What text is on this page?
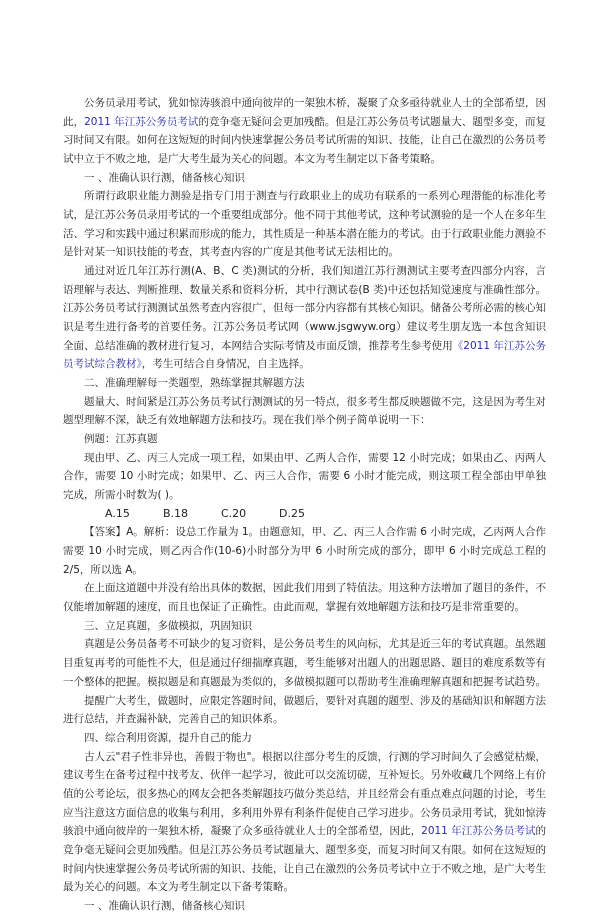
公务员录用考试，犹如惊涛骇浪中通向彼岸的一架独木桥，凝聚了众多亟待就业人士的全部希望，因此，2011 年江苏公务员考试的竞争毫无疑问会更加残酷。但是江苏公务员考试题量大、题型多变，而复习时间又有限。如何在这短短的时间内快速掌握公务员考试所需的知识、技能，让自己在激烈的公务员考试中立于不败之地，是广大考生最为关心的问题。本文为考生制定以下备考策略。

一 、准确认识行测，储备核心知识

所谓行政职业能力测验是指专门用于测查与行政职业上的成功有联系的一系列心理潜能的标准化考试，是江苏公务员录用考试的一个重要组成部分。他不同于其他考试，这种考试测验的是一个人在多年生活、学习和实践中通过积累而形成的能力，其性质是一种基本潜在能力的考试。由于行政职业能力测验不是针对某一知识技能的考查，其考查内容的广度是其他考试无法相比的。

通过对近几年江苏行测(A、B、C 类)测试的分析，我们知道江苏行测测试主要考查四部分内容，言语理解与表达、判断推理、数量关系和资料分析，其中行测试卷(B 类)中还包括知觉速度与准确性部分。江苏公务员考试行测测试虽然考查内容很广，但每一部分内容都有其核心知识。储备公考所必需的核心知识是考生进行备考的首要任务。江苏公务员考试网（www.jsgwyw.org）建议考生朋友选一本包含知识全面、总结准确的教材进行复习，本网结合实际考情及市面反馈，推荐考生参考使用《2011 年江苏公务员考试综合教材》，考生可结合自身情况，自主选择。

二、准确理解每一类题型，熟练掌握其解题方法

题量大、时间紧是江苏公务员考试行测测试的另一特点，很多考生都反映题做不完，这是因为考生对题型理解不深，缺乏有效地解题方法和技巧。现在我们举个例子简单说明一下：

例题：江苏真题

现由甲、乙、丙三人完成一项工程，如果由甲、乙两人合作，需要 12 小时完成；如果由乙、丙两人合作，需要 10 小时完成；如果甲、乙、丙三人合作，需要 6 小时才能完成，则这项工程全部由甲单独完成，所需小时数为( )。

A.15	B.18	C.20	D.25

【答案】A。解析：设总工作量为 1。由题意知，甲、乙、丙三人合作需 6 小时完成，乙丙两人合作需要 10 小时完成，则乙丙合作(10-6)小时部分为甲 6 小时所完成的部分，即甲 6 小时完成总工程的 2/5，所以选 A。

在上面这道题中并没有给出具体的数据，因此我们用到了特值法。用这种方法增加了题目的条件，不仅能增加解题的速度，而且也保证了正确性。由此而观，掌握有效地解题方法和技巧是非常重要的。

三、立足真题，多做模拟，巩固知识

真题是公务员备考不可缺少的复习资料，是公务员考生的风向标，尤其是近三年的考试真题。虽然题目重复再考的可能性不大，但是通过仔细揣摩真题，考生能够对出题人的出题思路、题目的难度系数等有一个整体的把握。模拟题是和真题最为类似的，多做模拟题可以帮助考生准确理解真题和把握考试趋势。

提醒广大考生，做题时，应限定答题时间，做题后，要针对真题的题型、涉及的基础知识和解题方法进行总结，并查漏补缺，完善自己的知识体系。

四、综合利用资源，提升自己的能力

古人云"君子性非异也，善假于物也"。根据以往部分考生的反馈，行测的学习时间久了会感觉枯燥，建议考生在备考过程中找考友、伙伴一起学习，彼此可以交流切磋，互补短长。另外收藏几个网络上有价值的公考论坛，很多热心的网友会把各类解题技巧做分类总结，并且经常会有重点难点问题的讨论，考生应当注意这方面信息的收集与利用，多利用外界有利条件促使自己学习进步。公务员录用考试，犹如惊涛骇浪中通向彼岸的一架独木桥，凝聚了众多亟待就业人士的全部希望，因此，2011 年江苏公务员考试的竞争毫无疑问会更加残酷。但是江苏公务员考试题量大、题型多变，而复习时间又有限。如何在这短短的时间内快速掌握公务员考试所需的知识、技能，让自己在激烈的公务员考试中立于不败之地，是广大考生最为关心的问题。本文为考生制定以下备考策略。

一 、准确认识行测，储备核心知识
